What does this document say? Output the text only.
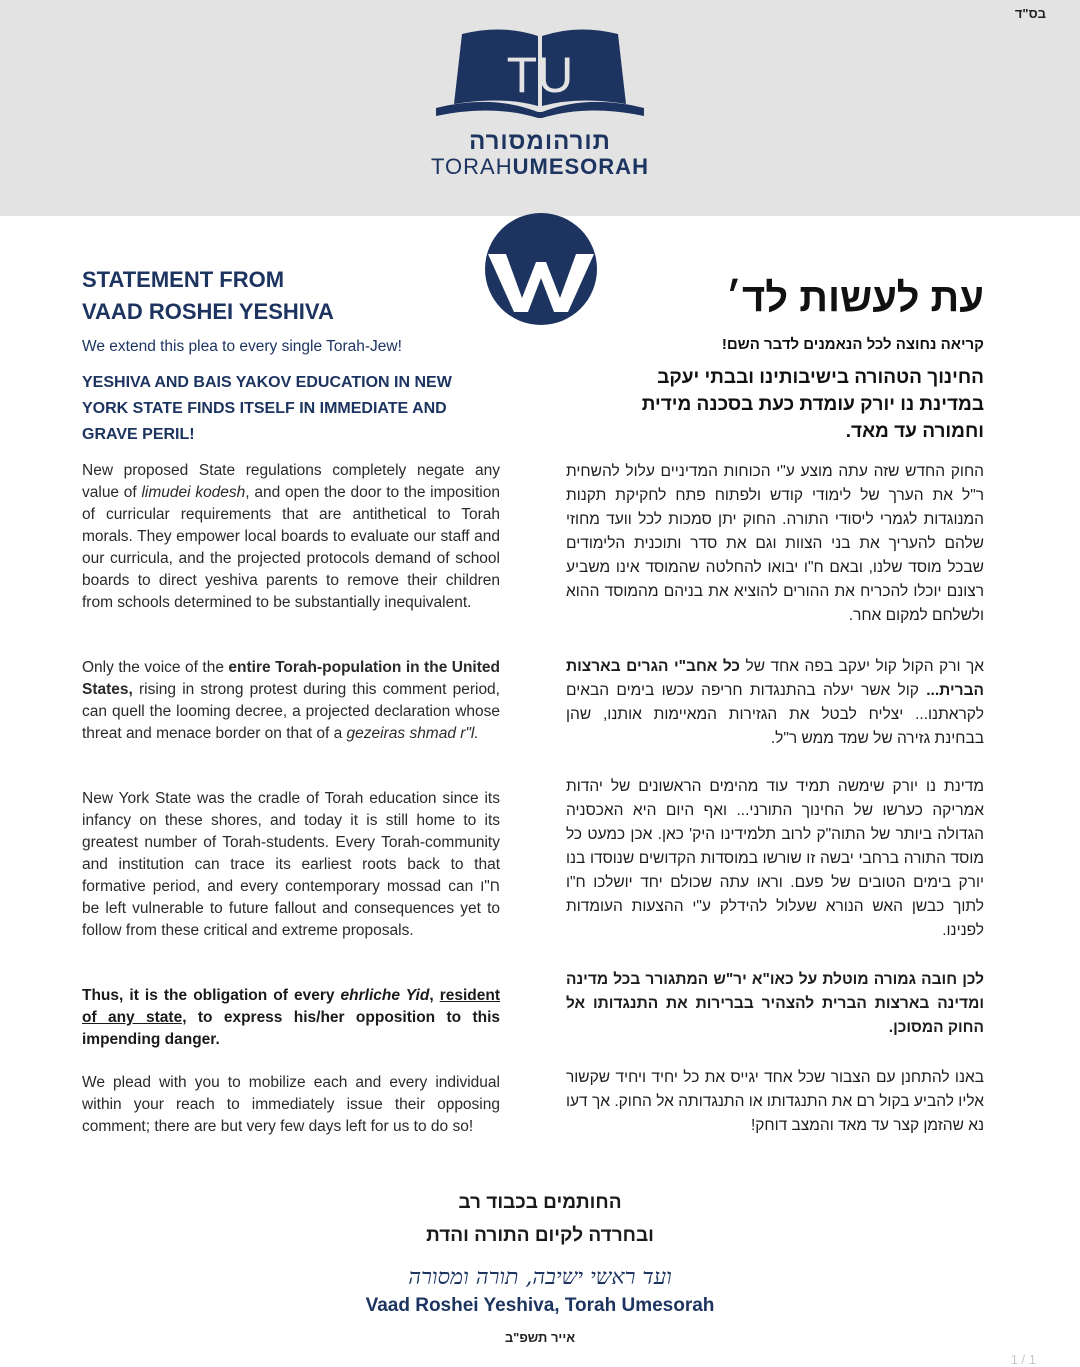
בס"ד
TU
תורהומסורה
TORAHUMESORAH
STATEMENT FROM
VAAD ROSHEI YESHIVA
We extend this plea to every single Torah-Jew!
YESHIVA AND BAIS YAKOV EDUCATION IN NEW YORK STATE FINDS ITSELF IN IMMEDIATE AND GRAVE PERIL!
New proposed State regulations completely negate any value of limudei kodesh, and open the door to the imposition of curricular requirements that are antithetical to Torah morals. They empower local boards to evaluate our staff and our curricula, and the projected protocols demand of school boards to direct yeshiva parents to remove their children from schools determined to be substantially inequivalent.
Only the voice of the entire Torah-population in the United States, rising in strong protest during this comment period, can quell the looming decree, a projected declaration whose threat and menace border on that of a gezeiras shmad r"l.
New York State was the cradle of Torah education since its infancy on these shores, and today it is still home to its greatest number of Torah-students. Every Torah-community and institution can trace its earliest roots back to that formative period, and every contemporary mossad can ח"ו be left vulnerable to future fallout and consequences yet to follow from these critical and extreme proposals.
Thus, it is the obligation of every ehrliche Yid, resident of any state, to express his/her opposition to this impending danger.
We plead with you to mobilize each and every individual within your reach to immediately issue their opposing comment; there are but very few days left for us to do so!
עת לעשות לד׳
קריאה נחוצה לכל הנאמנים לדבר השם!
החינוך הטהורה בישיבותינו ובבתי יעקב במדינת נו יורק עומדת כעת בסכנה מידית וחמורה עד מאד.
החוק החדש שזה עתה מוצע ע"י הכוחות המדיניים עלול להשחית ר"ל את הערך של לימודי קודש ולפתוח פתח לחקיקת תקנות המנוגדות לגמרי ליסודי התורה. החוק יתן סמכות לכל וועד מחוזי שלהם להעריך את בני הצוות וגם את סדר ותוכנית הלימודים שבכל מוסד שלנו, ובאם ח"ו יבואו להחלטה שהמוסד אינו משביע רצונם יוכלו להכריח את ההורים להוציא את בניהם מהמוסד ההוא ולשלחם למקום אחר.
אך ורק הקול קול יעקב בפה אחד של כל אחב"י הגרים בארצות הברית... קול אשר יעלה בהתנגדות חריפה עכשו בימים הבאים לקראתנו... יצליח לבטל את הגזירות המאיימות אותנו, שהן בבחינת גזירה של שמד ממש ר"ל.
מדינת נו יורק שימשה תמיד עוד מהימים הראשונים של יהדות אמריקה כערשו של החינוך התורני... ואף היום היא האכסניה הגדולה ביותר של התוה"ק לרוב תלמידינו היק' כאן. אכן כמעט כל מוסד התורה ברחבי יבשה זו שורשו במוסדות הקדושים שנוסדו בנו יורק בימים הטובים של פעם. וראו עתה שכולם יחד יושלכו ח"ו לתוך כבשן האש הנורא שעלול להידלק ע"י ההצעות העומדות לפנינו.
לכן חובה גמורה מוטלת על כאו"א יר"ש המתגורר בכל מדינה ומדינה בארצות הברית להצהיר בברירות את התנגדותו אל החוק המסוכן.
באנו להתחנן עם הצבור שכל אחד יגייס את כל יחיד ויחיד שקשור אליו להביע בקול רם את התנגדותו או התנגדותה אל החוק. אך דעו נא שהזמן קצר עד מאד והמצב דוחק!
החותמים בכבוד רב
ובחרדה לקיום התורה והדת
ועד ראשי ישיבה, תורה ומסורה
Vaad Roshei Yeshiva, Torah Umesorah
אייר תשפ"ב
1 / 1
